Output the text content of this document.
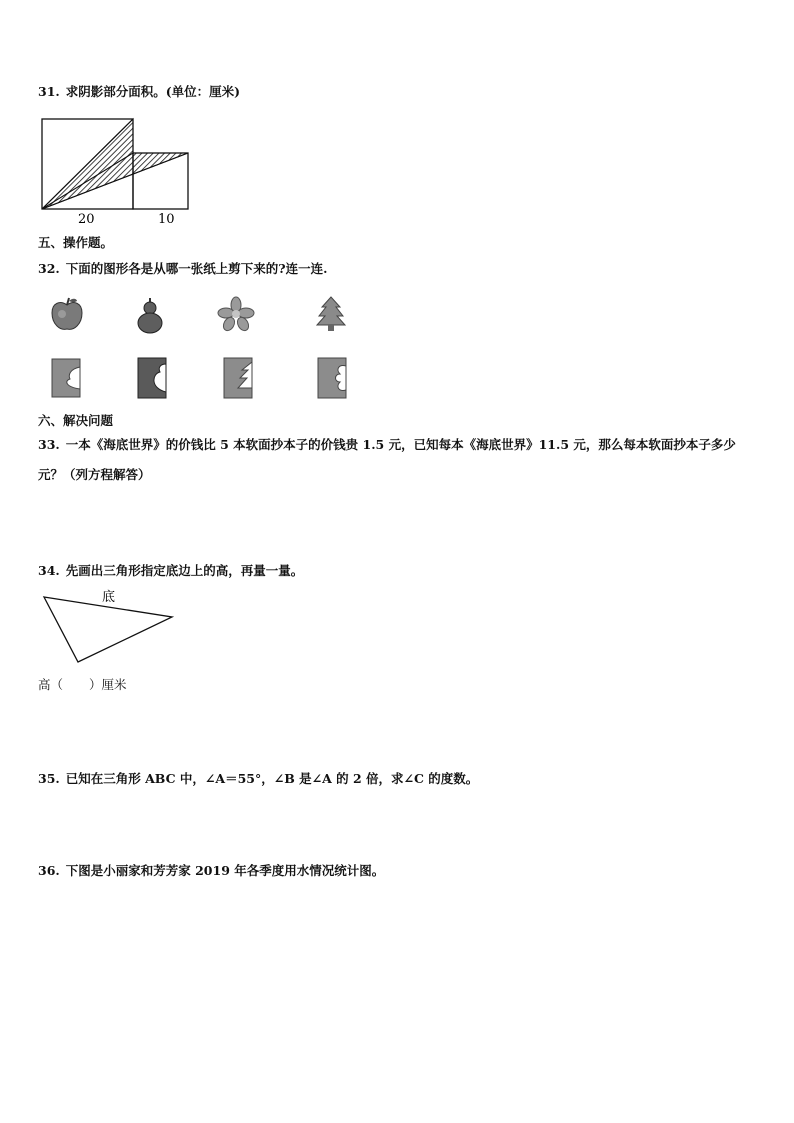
31. 求阴影部分面积。(单位：厘米)
20	10
五、操作题。
32. 下面的图形各是从哪一张纸上剪下来的?连一连.
六、解决问题
33. 一本《海底世界》的价钱比 5 本软面抄本子的价钱贵 1.5 元，已知每本《海底世界》11.5 元，那么每本软面抄本子多少元？（列方程解答）
34. 先画出三角形指定底边上的高，再量一量。
底
高（ ）厘米
35. 已知在三角形 ABC 中，∠A＝55°，∠B 是∠A 的 2 倍，求∠C 的度数。
36. 下图是小丽家和芳芳家 2019 年各季度用水情况统计图。
